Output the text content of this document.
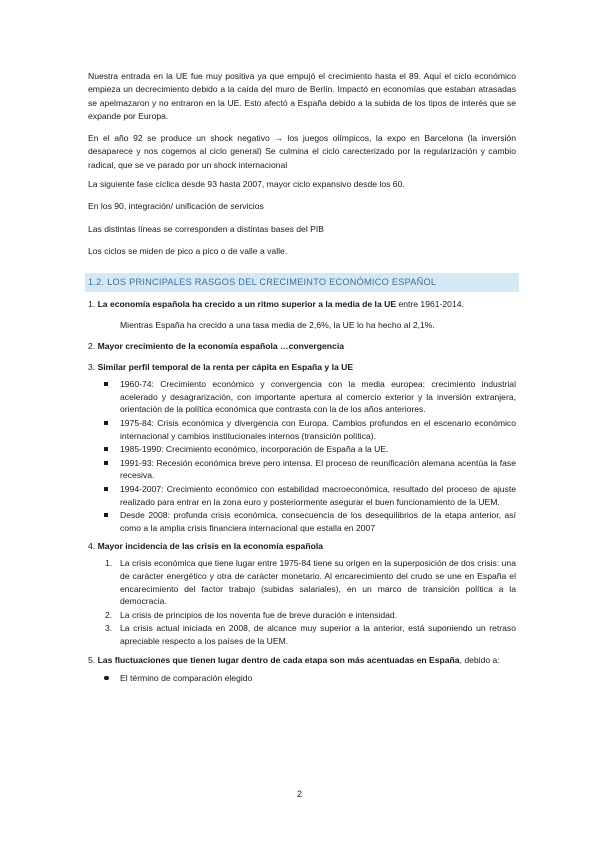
Nuestra entrada en la UE fue muy positiva ya que empujó el crecimiento hasta el 89. Aquí el ciclo económico empieza un decrecimiento debido a la caída del muro de Berlín. Impactó en economías que estaban atrasadas se apelmazaron y no entraron en la UE. Esto afectó a España debido a la subida de los tipos de interés que se expande por Europa.

En el año 92 se produce un shock negativo → los juegos olímpicos, la expo en Barcelona (la inversión desaparece y nos cogemos al ciclo general) Se culmina el ciclo carecterizado por la regularización y cambio radical, que se ve parado por un shock internacional

La siguiente fase cíclica desde 93 hasta 2007, mayor ciclo expansivo desde los 60.

En los 90, integración/ unificación de servicios

Las distintas líneas se corresponden a distintas bases del PIB

Los ciclos se miden de pico a pico o de valle a valle.

1.2. LOS PRINCIPALES RASGOS DEL CRECIMEINTO ECONÓMICO ESPAÑOL

1. La economía española ha crecido a un ritmo superior a la media de la UE entre 1961-2014.

Mientras España ha crecido a una tasa media de 2,6%, la UE lo ha hecho al 2,1%.

2. Mayor crecimiento de la economía española …convergencia

3. Similar perfil temporal de la renta per cápita en España y la UE

1960-74: Crecimiento económico y convergencia con la media europea: crecimiento industrial acelerado y desagrarización, con importante apertura al comercio exterior y la inversión extranjera, orientación de la política económica que contrasta con la de los años anteriores.
1975-84: Crisis económica y divergencia con Europa. Cambios profundos en el escenario económico internacional y cambios institucionales internos (transición política).
1985-1990: Crecimiento económico, incorporación de España a la UE.
1991-93: Recesión económica breve pero intensa. El proceso de reunificación alemana acentúa la fase recesiva.
1994-2007: Crecimiento económico con estabilidad macroeconómica, resultado del proceso de ajuste realizado para entrar en la zona euro y posteriormente asegurar el buen funcionamiento de la UEM.
Desde 2008: profunda crisis económica, consecuencia de los desequilibrios de la etapa anterior, así como a la amplia crisis financiera internacional que estalla en 2007

4. Mayor incidencia de las crisis en la economía española

1. La crisis económica que tiene lugar entre 1975-84 tiene su origen en la superposición de dos crisis: una de carácter energético y otra de carácter monetario. Al encarecimiento del crudo se une en España el encarecimiento del factor trabajo (subidas salariales), en un marco de transición política a la democracia.
2. La crisis de principios de los noventa fue de breve duración e intensidad.
3. La crisis actual iniciada en 2008, de alcance muy superior a la anterior, está suponiendo un retraso apreciable respecto a los países de la UEM.

5. Las fluctuaciones que tienen lugar dentro de cada etapa son más acentuadas en España, debido a:

El término de comparación elegido
2
